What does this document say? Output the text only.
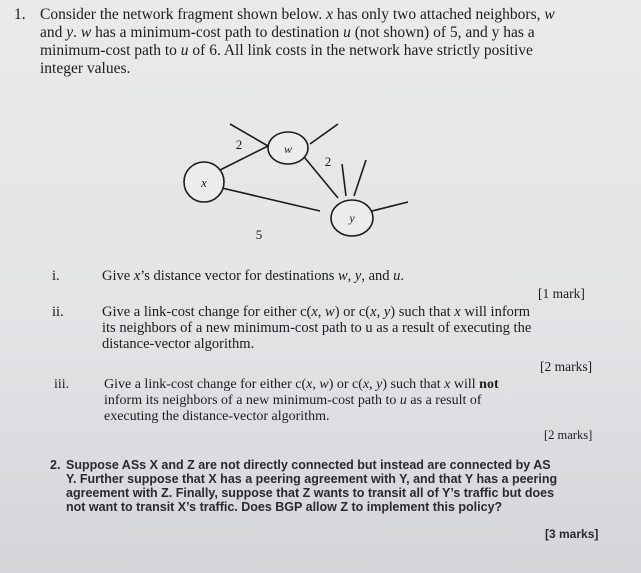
1. Consider the network fragment shown below. x has only two attached neighbors, w
and y. w has a minimum-cost path to destination u (not shown) of 5, and y has a
minimum-cost path to u of 6. All link costs in the network have strictly positive
integer values.
x
w
y
2
2
5
i.	Give x’s distance vector for destinations w, y, and u.
[1 mark]
ii.	Give a link-cost change for either c(x, w) or c(x, y) such that x will inform
its neighbors of a new minimum-cost path to u as a result of executing the
distance-vector algorithm.
[2 marks]
iii. Give a link-cost change for either c(x, w) or c(x, y) such that x will not
inform its neighbors of a new minimum-cost path to u as a result of
executing the distance-vector algorithm.
[2 marks]
2. Suppose ASs X and Z are not directly connected but instead are connected by AS
Y. Further suppose that X has a peering agreement with Y, and that Y has a peering
agreement with Z. Finally, suppose that Z wants to transit all of Y’s traffic but does
not want to transit X’s traffic. Does BGP allow Z to implement this policy?
[3 marks]
